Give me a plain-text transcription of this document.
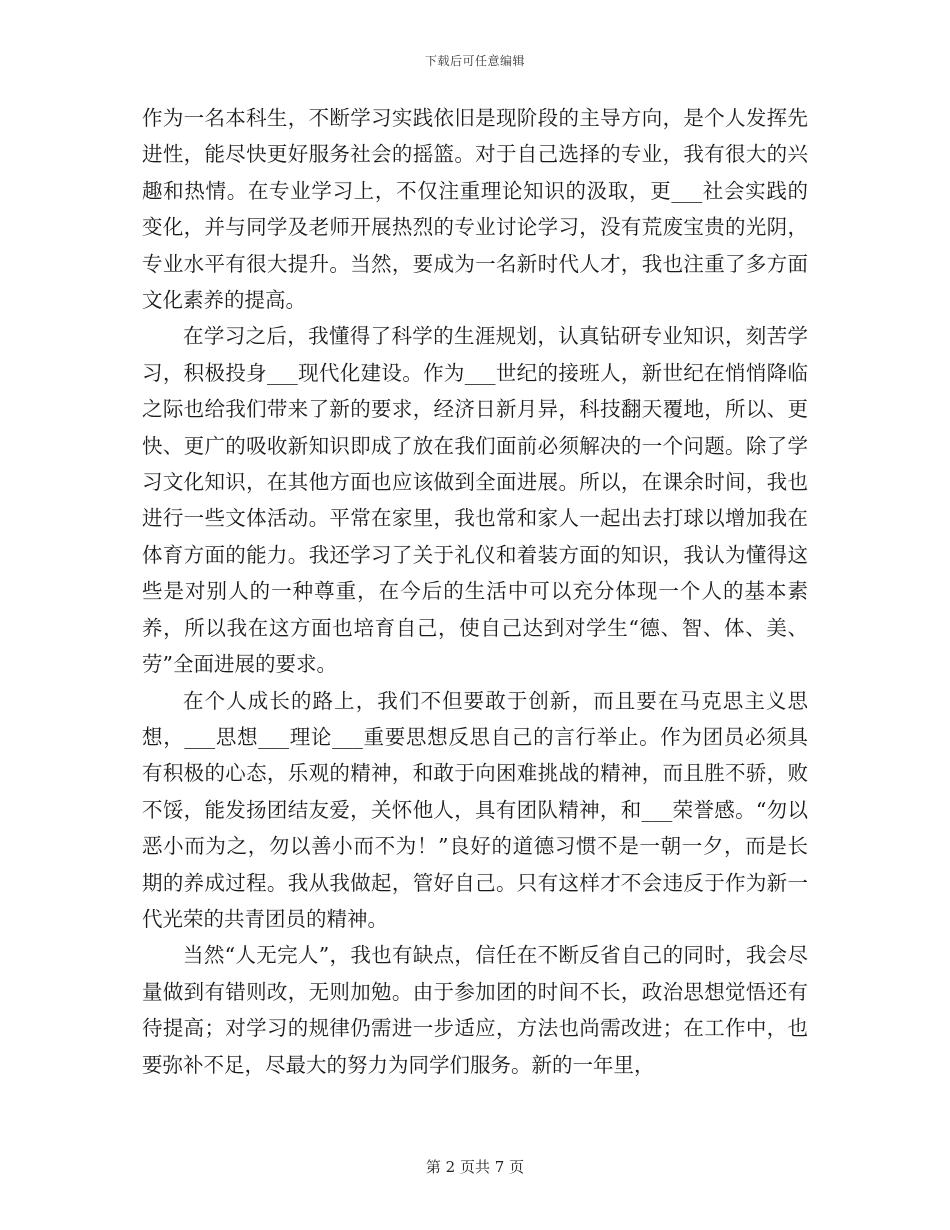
下载后可任意编辑

作为一名本科生，不断学习实践依旧是现阶段的主导方向，是个人发挥先进性，能尽快更好服务社会的摇篮。对于自己选择的专业，我有很大的兴趣和热情。在专业学习上，不仅注重理论知识的汲取，更___社会实践的变化，并与同学及老师开展热烈的专业讨论学习，没有荒废宝贵的光阴，专业水平有很大提升。当然，要成为一名新时代人才，我也注重了多方面文化素养的提高。

在学习之后，我懂得了科学的生涯规划，认真钻研专业知识，刻苦学习，积极投身___现代化建设。作为___世纪的接班人，新世纪在悄悄降临之际也给我们带来了新的要求，经济日新月异，科技翻天覆地，所以、更快、更广的吸收新知识即成了放在我们面前必须解决的一个问题。除了学习文化知识，在其他方面也应该做到全面进展。所以，在课余时间，我也进行一些文体活动。平常在家里，我也常和家人一起出去打球以增加我在体育方面的能力。我还学习了关于礼仪和着装方面的知识，我认为懂得这些是对别人的一种尊重，在今后的生活中可以充分体现一个人的基本素养，所以我在这方面也培育自己，使自己达到对学生“德、智、体、美、劳”全面进展的要求。

在个人成长的路上，我们不但要敢于创新，而且要在马克思主义思想，___思想___理论___重要思想反思自己的言行举止。作为团员必须具有积极的心态，乐观的精神，和敢于向困难挑战的精神，而且胜不骄，败不馁，能发扬团结友爱，关怀他人，具有团队精神，和___荣誉感。“勿以恶小而为之，勿以善小而不为！”良好的道德习惯不是一朝一夕，而是长期的养成过程。我从我做起，管好自己。只有这样才不会违反于作为新一代光荣的共青团员的精神。

当然“人无完人”，我也有缺点，信任在不断反省自己的同时，我会尽量做到有错则改，无则加勉。由于参加团的时间不长，政治思想觉悟还有待提高；对学习的规律仍需进一步适应，方法也尚需改进；在工作中，也要弥补不足，尽最大的努力为同学们服务。新的一年里，

第 2 页共 7 页
